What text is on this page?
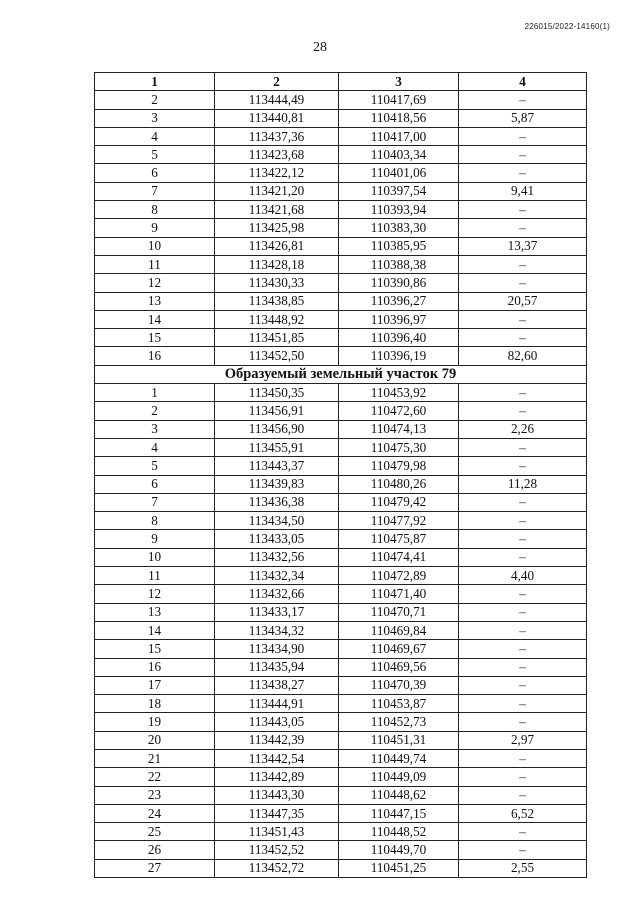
226015/2022-14160(1)
28
1	2	3	4
2	113444,49	110417,69	–
3	113440,81	110418,56	5,87
4	113437,36	110417,00	–
5	113423,68	110403,34	–
6	113422,12	110401,06	–
7	113421,20	110397,54	9,41
8	113421,68	110393,94	–
9	113425,98	110383,30	–
10	113426,81	110385,95	13,37
11	113428,18	110388,38	–
12	113430,33	110390,86	–
13	113438,85	110396,27	20,57
14	113448,92	110396,97	–
15	113451,85	110396,40	–
16	113452,50	110396,19	82,60
Образуемый земельный участок 79			
1	113450,35	110453,92	–
2	113456,91	110472,60	–
3	113456,90	110474,13	2,26
4	113455,91	110475,30	–
5	113443,37	110479,98	–
6	113439,83	110480,26	11,28
7	113436,38	110479,42	–
8	113434,50	110477,92	–
9	113433,05	110475,87	–
10	113432,56	110474,41	–
11	113432,34	110472,89	4,40
12	113432,66	110471,40	–
13	113433,17	110470,71	–
14	113434,32	110469,84	–
15	113434,90	110469,67	–
16	113435,94	110469,56	–
17	113438,27	110470,39	–
18	113444,91	110453,87	–
19	113443,05	110452,73	–
20	113442,39	110451,31	2,97
21	113442,54	110449,74	–
22	113442,89	110449,09	–
23	113443,30	110448,62	–
24	113447,35	110447,15	6,52
25	113451,43	110448,52	–
26	113452,52	110449,70	–
27	113452,72	110451,25	2,55
